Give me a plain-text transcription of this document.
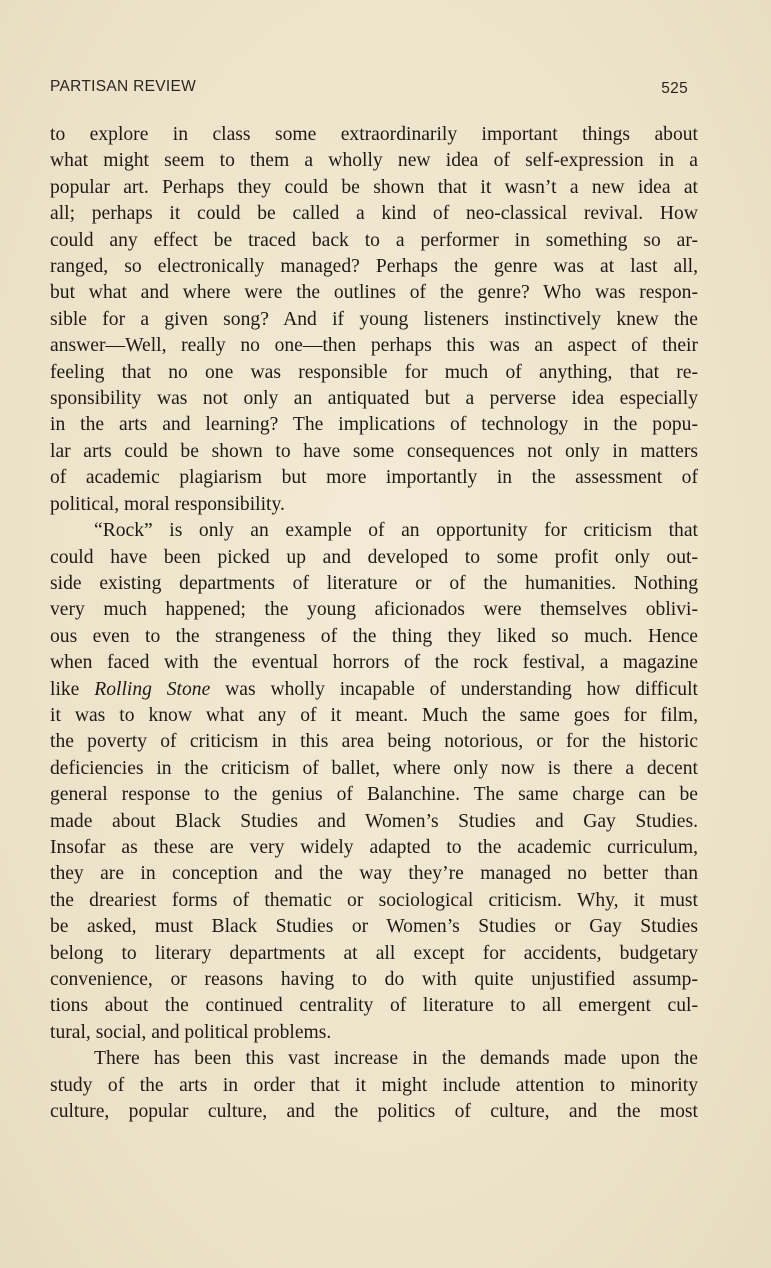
PARTISAN REVIEW	525
to explore in class some extraordinarily important things about
what might seem to them a wholly new idea of self-expression in a
popular art. Perhaps they could be shown that it wasn’t a new idea at
all; perhaps it could be called a kind of neo-classical revival. How
could any effect be traced back to a performer in something so ar-
ranged, so electronically managed? Perhaps the genre was at last all,
but what and where were the outlines of the genre? Who was respon-
sible for a given song? And if young listeners instinctively knew the
answer—Well, really no one—then perhaps this was an aspect of their
feeling that no one was responsible for much of anything, that re-
sponsibility was not only an antiquated but a perverse idea especially
in the arts and learning? The implications of technology in the popu-
lar arts could be shown to have some consequences not only in matters
of academic plagiarism but more importantly in the assessment of
political, moral responsibility.
“Rock” is only an example of an opportunity for criticism that
could have been picked up and developed to some profit only out-
side existing departments of literature or of the humanities. Nothing
very much happened; the young aficionados were themselves oblivi-
ous even to the strangeness of the thing they liked so much. Hence
when faced with the eventual horrors of the rock festival, a magazine
like Rolling Stone was wholly incapable of understanding how difficult
it was to know what any of it meant. Much the same goes for film,
the poverty of criticism in this area being notorious, or for the historic
deficiencies in the criticism of ballet, where only now is there a decent
general response to the genius of Balanchine. The same charge can be
made about Black Studies and Women’s Studies and Gay Studies.
Insofar as these are very widely adapted to the academic curriculum,
they are in conception and the way they’re managed no better than
the dreariest forms of thematic or sociological criticism. Why, it must
be asked, must Black Studies or Women’s Studies or Gay Studies
belong to literary departments at all except for accidents, budgetary
convenience, or reasons having to do with quite unjustified assump-
tions about the continued centrality of literature to all emergent cul-
tural, social, and political problems.
There has been this vast increase in the demands made upon the
study of the arts in order that it might include attention to minority
culture, popular culture, and the politics of culture, and the most
